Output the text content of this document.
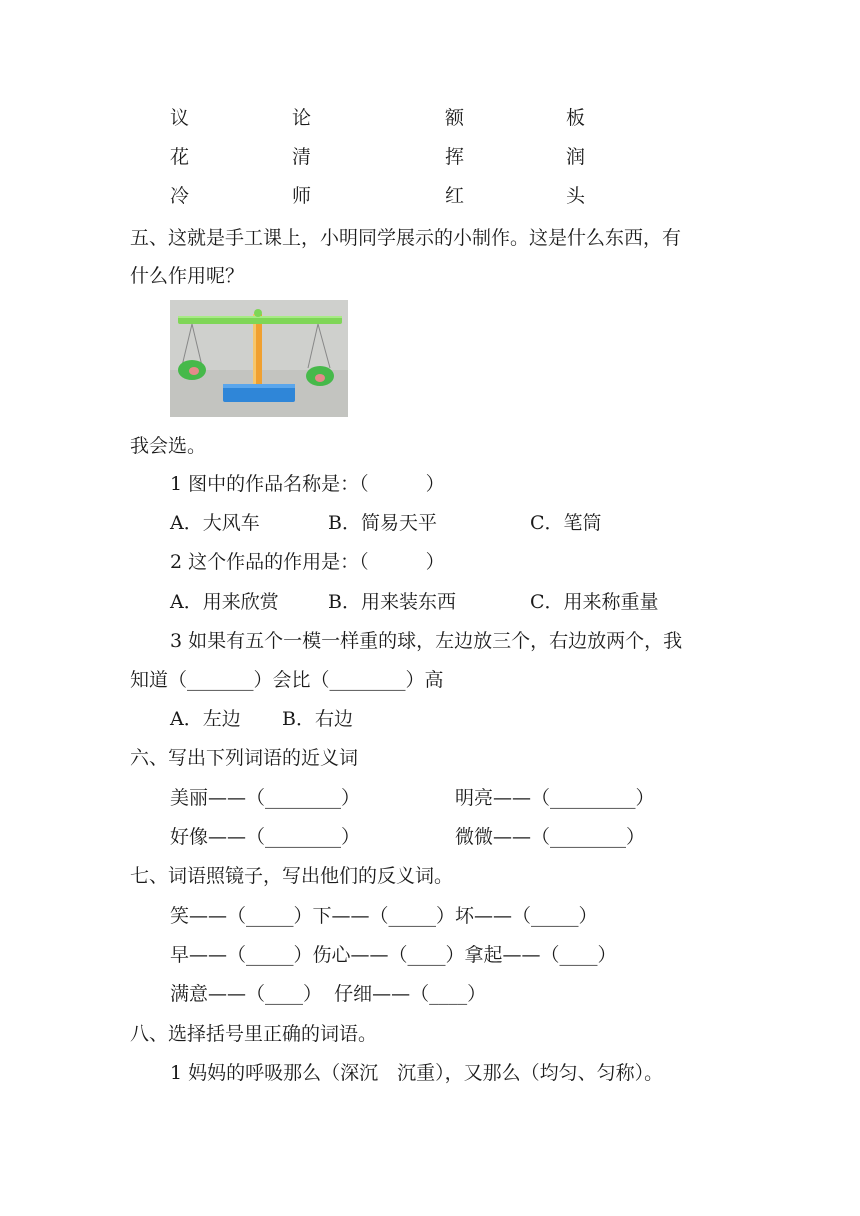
议	论	额	板
花	清	挥	润
冷	师	红	头
五、这就是手工课上，小明同学展示的小制作。这是什么东西，有
什么作用呢？
我会选。
1 图中的作品名称是：（　　　）
A．大风车	B．简易天平	C．笔筒
2 这个作品的作用是：（　　　）
A．用来欣赏	B．用来装东西	C．用来称重量
3 如果有五个一模一样重的球，左边放三个，右边放两个，我
知道（_______）会比（________）高
A．左边 B．右边
六、写出下列词语的近义词
美丽——（________）	明亮——（_________）
好像——（________）	微微——（________）
七、词语照镜子，写出他们的反义词。
笑——（_____）下——（_____）坏——（_____）
早——（_____）伤心——（____）拿起——（____）
满意——（____）  仔细——（____）
八、选择括号里正确的词语。
1 妈妈的呼吸那么（深沉　沉重），又那么（均匀、匀称）。
